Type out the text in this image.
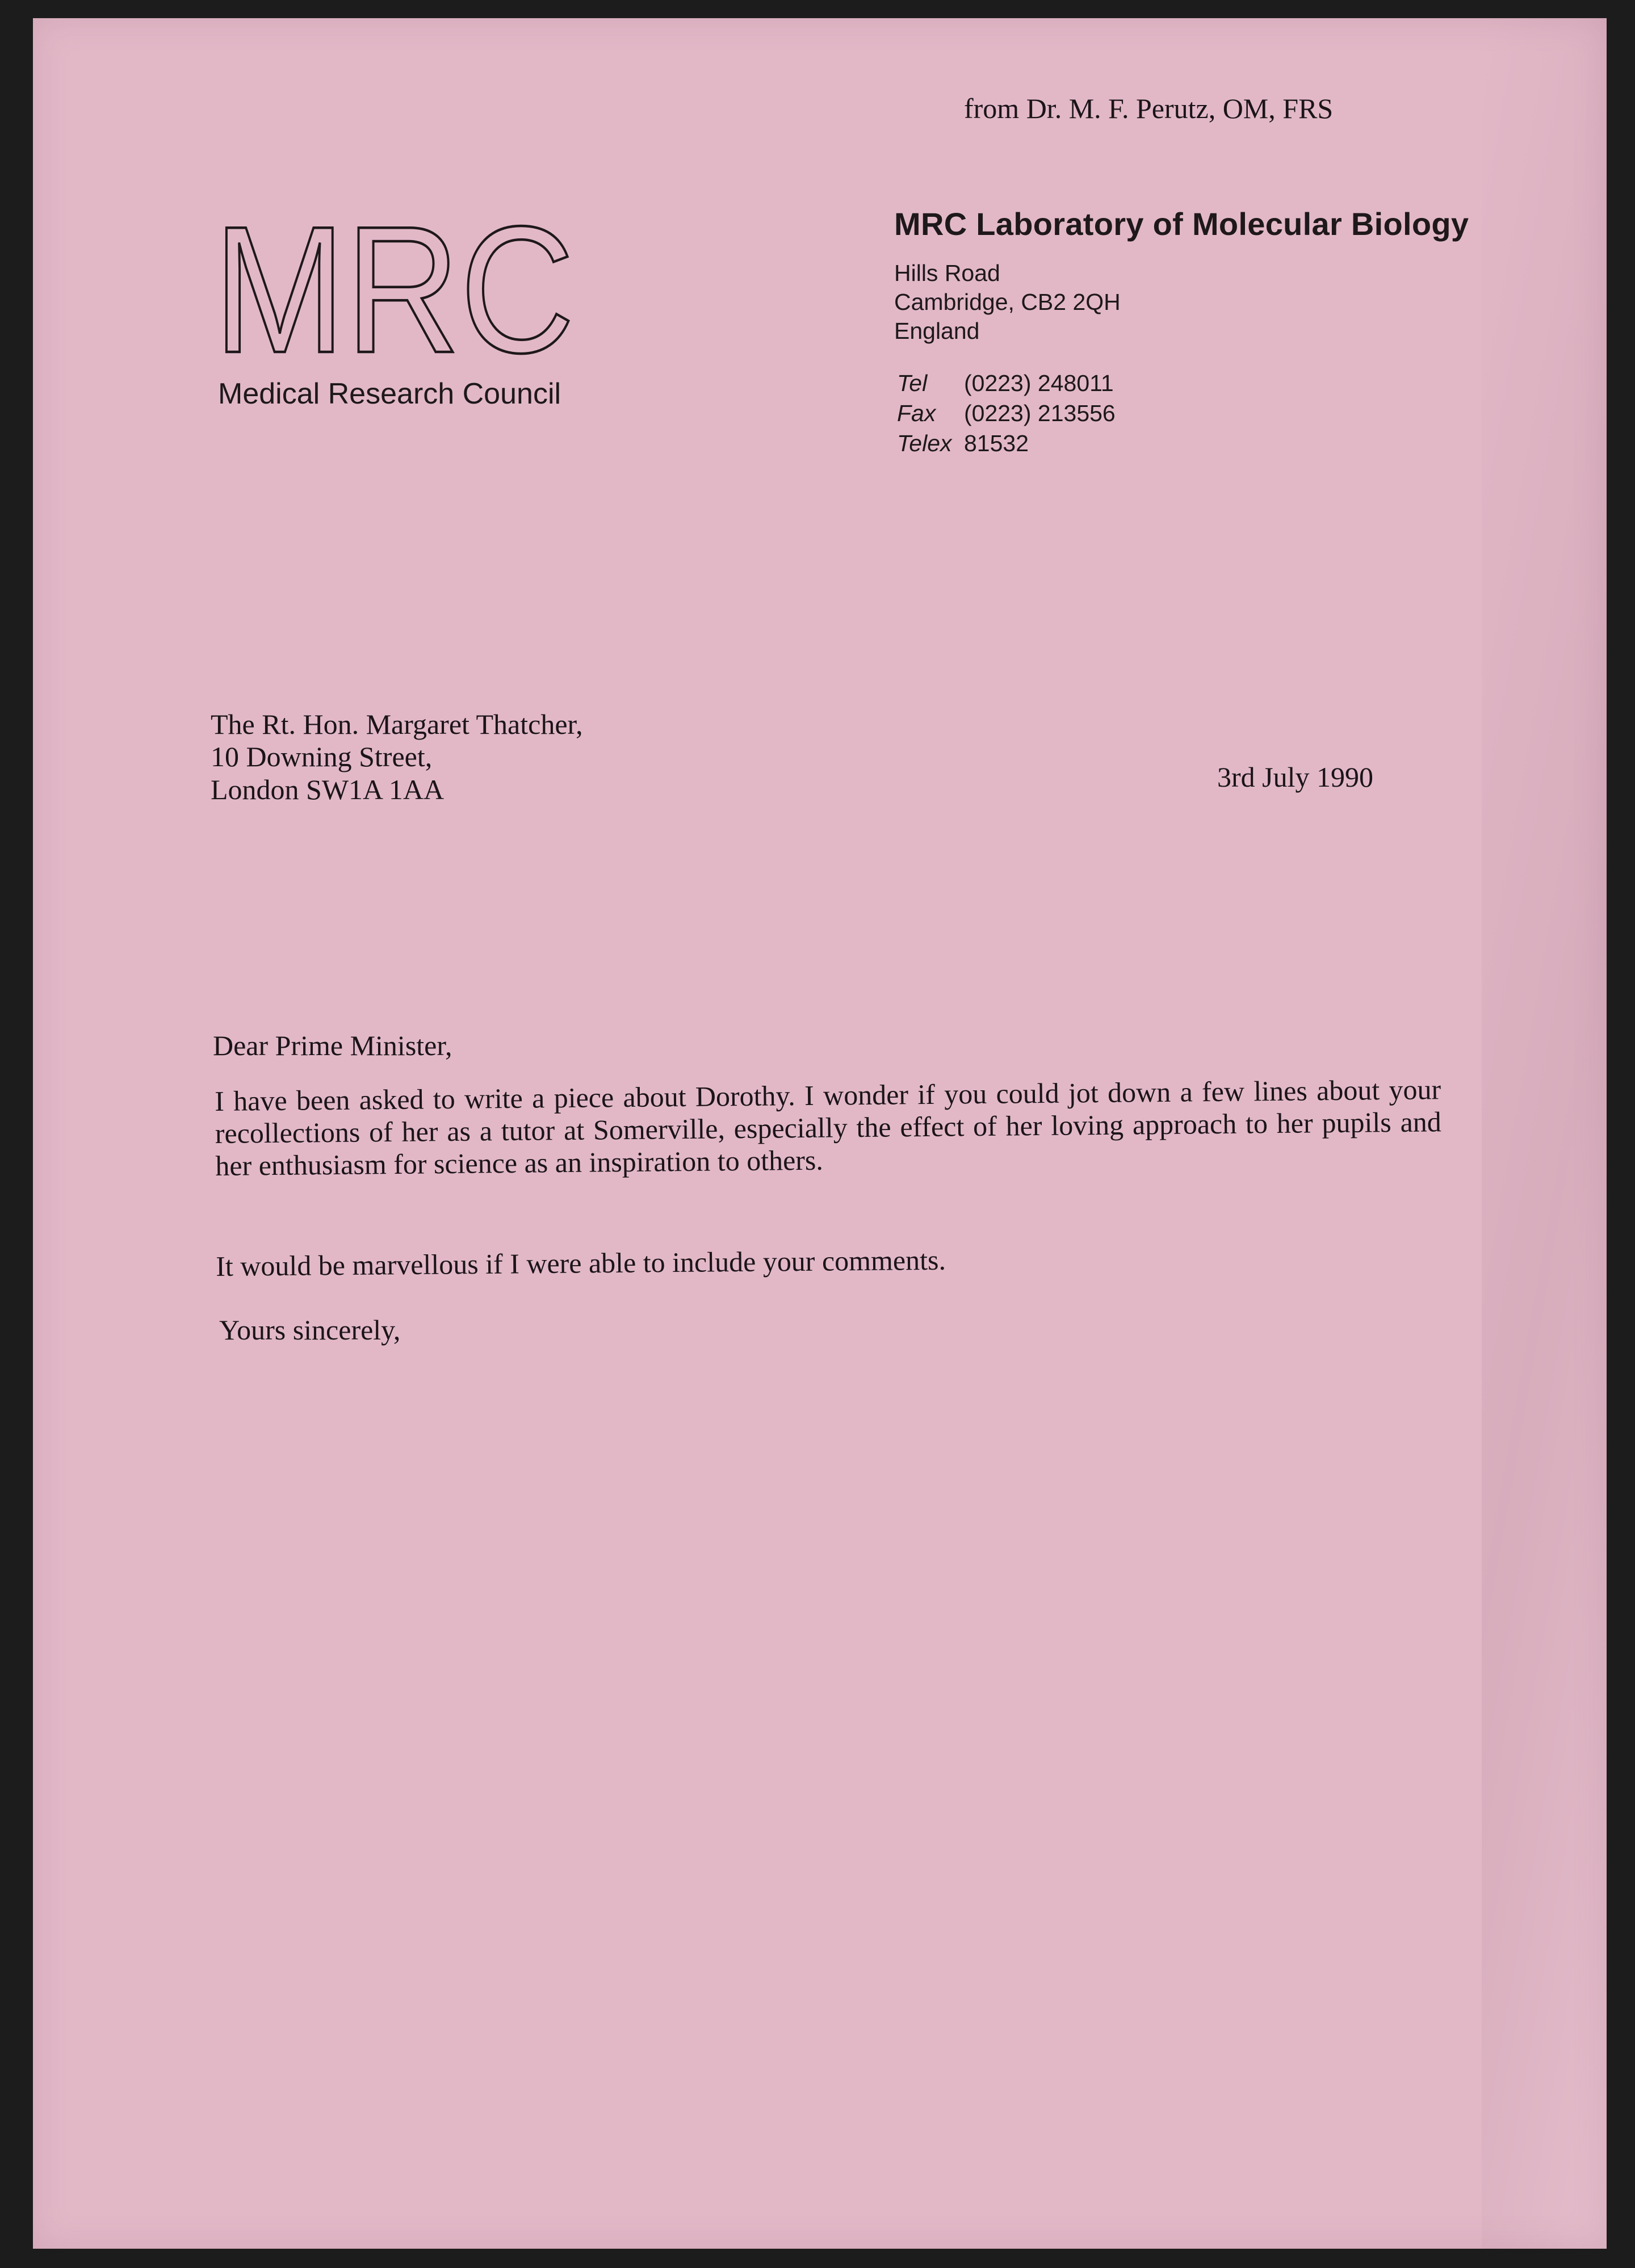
from Dr. M. F. Perutz, OM, FRS
MRC
Medical Research Council
MRC Laboratory of Molecular Biology
Hills Road
Cambridge, CB2 2QH
England
Tel (0223) 248011
Fax (0223) 213556
Telex 81532
The Rt. Hon. Margaret Thatcher,
10 Downing Street,
London SW1A 1AA	3rd July 1990
Dear Prime Minister,
I have been asked to write a piece about Dorothy. I wonder if you could jot down a few lines about your recollections of her as a tutor at Somerville, especially the effect of her loving approach to her pupils and her enthusiasm for science as an inspiration to others.
It would be marvellous if I were able to include your comments.
Yours sincerely,
